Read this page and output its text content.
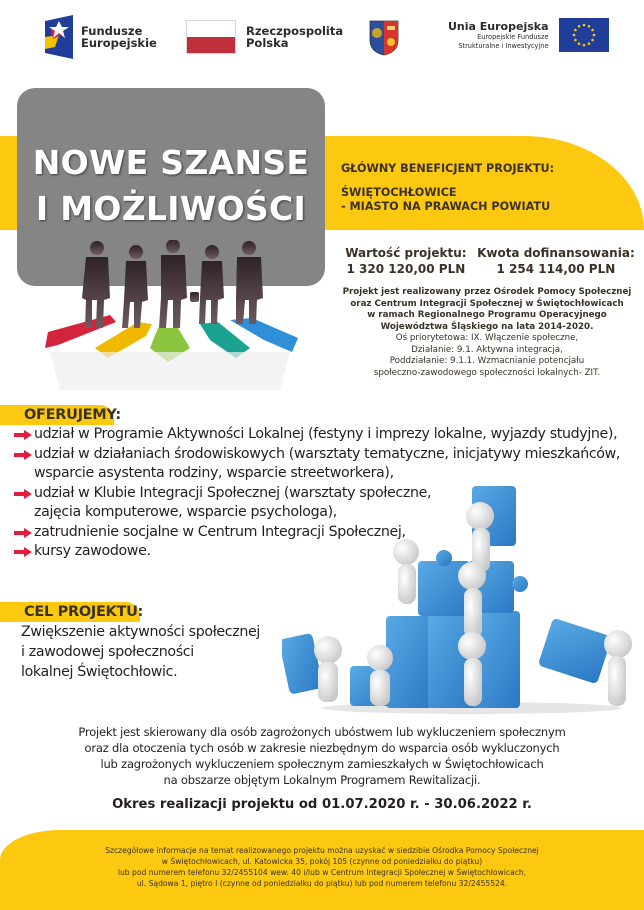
Fundusze
Europejskie
Rzeczpospolita
Polska
Unia Europejska
Europejskie Fundusze
Strukturalne i Inwestycyjne
NOWE SZANSE
I MOŻLIWOŚCI
GŁÓWNY BENEFICJENT PROJEKTU:
ŚWIĘTOCHŁOWICE
- MIASTO NA PRAWACH POWIATU
Wartość projektu:
1 320 120,00 PLN
Kwota dofinansowania:
1 254 114,00 PLN
Projekt jest realizowany przez Ośrodek Pomocy Społecznej
oraz Centrum Integracji Społecznej w Świętochłowicach
w ramach Regionalnego Programu Operacyjnego
Województwa Śląskiego na lata 2014-2020.
Oś priorytetowa: IX. Włączenie społeczne,
Działanie: 9.1. Aktywna integracja,
Poddziałanie: 9.1.1. Wzmacnianie potencjału
społeczno-zawodowego społeczności lokalnych- ZIT.
OFERUJEMY:
udział w Programie Aktywności Lokalnej (festyny i imprezy lokalne, wyjazdy studyjne),
udział w działaniach środowiskowych (warsztaty tematyczne, inicjatywy mieszkańców,
wsparcie asystenta rodziny, wsparcie streetworkera),
udział w Klubie Integracji Społecznej (warsztaty społeczne,
zajęcia komputerowe, wsparcie psychologa),
zatrudnienie socjalne w Centrum Integracji Społecznej,
kursy zawodowe.
CEL PROJEKTU:
Zwiększenie aktywności społecznej
i zawodowej społeczności
lokalnej Świętochłowic.
Projekt jest skierowany dla osób zagrożonych ubóstwem lub wykluczeniem społecznym
oraz dla otoczenia tych osób w zakresie niezbędnym do wsparcia osób wykluczonych
lub zagrożonych wykluczeniem społecznym zamieszkałych w Świętochłowicach
na obszarze objętym Lokalnym Programem Rewitalizacji.
Okres realizacji projektu od 01.07.2020 r. - 30.06.2022 r.
Szczegółowe informacje na temat realizowanego projektu można uzyskać w siedzibie Ośrodka Pomocy Społecznej
w Świętochłowicach, ul. Katowicka 35, pokój 105 (czynne od poniedziałku do piątku)
lub pod numerem telefonu 32/2455104 wew. 40 i/lub w Centrum Integracji Społecznej w Świętochłowicach,
ul. Sądowa 1, piętro I (czynne od poniedziałku do piątku) lub pod numerem telefonu 32/2455524.
